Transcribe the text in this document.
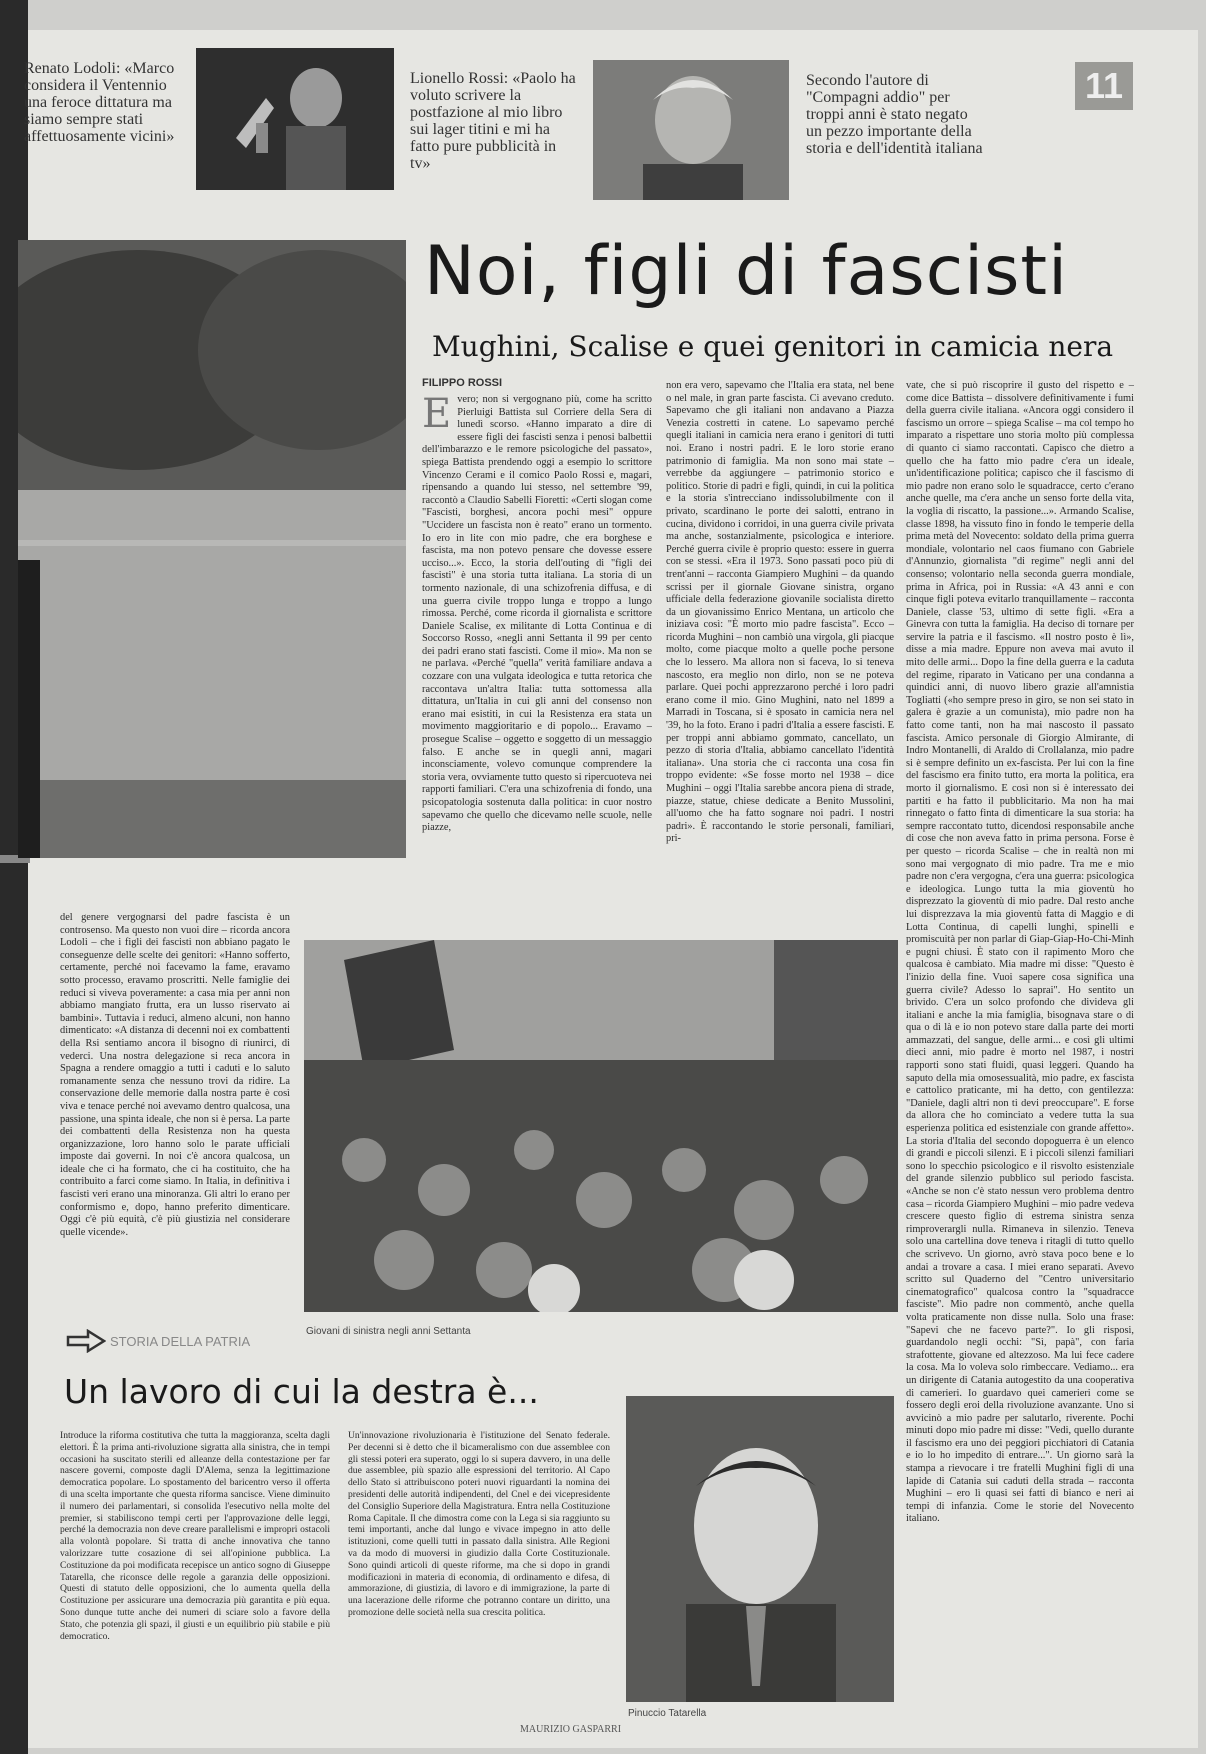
Renato Lodoli: «Marco considera il Ventennio una feroce dittatura ma siamo sempre stati affettuosamente vicini»
Lionello Rossi: «Paolo ha voluto scrivere la postfazione al mio libro sui lager titini e mi ha fatto pure pubblicità in tv»
Secondo l'autore di "Compagni addio" per troppi anni è stato negato un pezzo importante della storia e dell'identità italiana
11
Noi, figli di fascisti
Mughini, Scalise e quei genitori in camicia nera
FILIPPO ROSSI
Evero; non si vergognano più, come ha scritto Pierluigi Battista sul Corriere della Sera di lunedì scorso. «Hanno imparato a dire di essere figli dei fascisti senza i penosi balbettii dell'imbarazzo e le remore psicologiche del passato», spiega Battista prendendo oggi a esempio lo scrittore Vincenzo Cerami e il comico Paolo Rossi e, magari, ripensando a quando lui stesso, nel settembre '99, raccontò a Claudio Sabelli Fioretti: «Certi slogan come "Fascisti, borghesi, ancora pochi mesi" oppure "Uccidere un fascista non è reato" erano un tormento. Io ero in lite con mio padre, che era borghese e fascista, ma non potevo pensare che dovesse essere ucciso...». Ecco, la storia dell'outing di "figli dei fascisti" è una storia tutta italiana. La storia di un tormento nazionale, di una schizofrenia diffusa, e di una guerra civile troppo lunga e troppo a lungo rimossa. Perché, come ricorda il giornalista e scrittore Daniele Scalise, ex militante di Lotta Continua e di Soccorso Rosso, «negli anni Settanta il 99 per cento dei padri erano stati fascisti. Come il mio». Ma non se ne parlava. «Perché "quella" verità familiare andava a cozzare con una vulgata ideologica e tutta retorica che raccontava un'altra Italia: tutta sottomessa alla dittatura, un'Italia in cui gli anni del consenso non erano mai esistiti, in cui la Resistenza era stata un movimento maggioritario e di popolo... Eravamo – prosegue Scalise – oggetto e soggetto di un messaggio falso. E anche se in quegli anni, magari inconsciamente, volevo comunque comprendere la storia vera, ovviamente tutto questo si ripercuoteva nei rapporti familiari. C'era una schizofrenia di fondo, una psicopatologia sostenuta dalla politica: in cuor nostro sapevamo che quello che dicevamo nelle scuole, nelle piazze,
non era vero, sapevamo che l'Italia era stata, nel bene o nel male, in gran parte fascista. Ci avevano creduto. Sapevamo che gli italiani non andavano a Piazza Venezia costretti in catene. Lo sapevamo perché quegli italiani in camicia nera erano i genitori di tutti noi. Erano i nostri padri. E le loro storie erano patrimonio di famiglia. Ma non sono mai state – verrebbe da aggiungere – patrimonio storico e politico. Storie di padri e figli, quindi, in cui la politica e la storia s'intrecciano indissolubilmente con il privato, scardinano le porte dei salotti, entrano in cucina, dividono i corridoi, in una guerra civile privata ma anche, sostanzialmente, psicologica e interiore. Perché guerra civile è proprio questo: essere in guerra con se stessi. «Era il 1973. Sono passati poco più di trent'anni – racconta Giampiero Mughini – da quando scrissi per il giornale Giovane sinistra, organo ufficiale della federazione giovanile socialista diretto da un giovanissimo Enrico Mentana, un articolo che iniziava così: "È morto mio padre fascista". Ecco – ricorda Mughini – non cambiò una virgola, gli piacque molto, come piacque molto a quelle poche persone che lo lessero. Ma allora non si faceva, lo si teneva nascosto, era meglio non dirlo, non se ne poteva parlare. Quei pochi apprezzarono perché i loro padri erano come il mio. Gino Mughini, nato nel 1899 a Marradi in Toscana, si è sposato in camicia nera nel '39, ho la foto. Erano i padri d'Italia a essere fascisti. E per troppi anni abbiamo gommato, cancellato, un pezzo di storia d'Italia, abbiamo cancellato l'identità italiana». Una storia che ci racconta una cosa fin troppo evidente: «Se fosse morto nel 1938 – dice Mughini – oggi l'Italia sarebbe ancora piena di strade, piazze, statue, chiese dedicate a Benito Mussolini, all'uomo che ha fatto sognare noi padri. I nostri padri». È raccontando le storie personali, familiari, pri-
vate, che si può riscoprire il gusto del rispetto e – come dice Battista – dissolvere definitivamente i fumi della guerra civile italiana. «Ancora oggi considero il fascismo un orrore – spiega Scalise – ma col tempo ho imparato a rispettare uno storia molto più complessa di quanto ci siamo raccontati. Capisco che dietro a quello che ha fatto mio padre c'era un ideale, un'identificazione politica; capisco che il fascismo di mio padre non erano solo le squadracce, certo c'erano anche quelle, ma c'era anche un senso forte della vita, la voglia di riscatto, la passione...». Armando Scalise, classe 1898, ha vissuto fino in fondo le temperie della prima metà del Novecento: soldato della prima guerra mondiale, volontario nel caos fiumano con Gabriele d'Annunzio, giornalista "di regime" negli anni del consenso; volontario nella seconda guerra mondiale, prima in Africa, poi in Russia: «A 43 anni e con cinque figli poteva evitarlo tranquillamente – racconta Daniele, classe '53, ultimo di sette figli. «Era a Ginevra con tutta la famiglia. Ha deciso di tornare per servire la patria e il fascismo. «Il nostro posto è lì», disse a mia madre. Eppure non aveva mai avuto il mito delle armi... Dopo la fine della guerra e la caduta del regime, riparato in Vaticano per una condanna a quindici anni, di nuovo libero grazie all'amnistia Togliatti («ho sempre preso in giro, se non sei stato in galera è grazie a un comunista), mio padre non ha fatto come tanti, non ha mai nascosto il passato fascista. Amico personale di Giorgio Almirante, di Indro Montanelli, di Araldo di Crollalanza, mio padre si è sempre definito un ex-fascista. Per lui con la fine del fascismo era finito tutto, era morta la politica, era morto il giornalismo. E così non si è interessato dei partiti e ha fatto il pubblicitario. Ma non ha mai rinnegato o fatto finta di dimenticare la sua storia: ha sempre raccontato tutto, dicendosi responsabile anche di cose che non aveva fatto in prima persona. Forse è per questo – ricorda Scalise – che in realtà non mi sono mai vergognato di mio padre. Tra me e mio padre non c'era vergogna, c'era una guerra: psicologica e ideologica. Lungo tutta la mia gioventù ho disprezzato la gioventù di mio padre. Dal resto anche lui disprezzava la mia gioventù fatta di Maggio e di Lotta Continua, di capelli lunghi, spinelli e promiscuità per non parlar di Giap-Giap-Ho-Chi-Minh e pugni chiusi. È stato con il rapimento Moro che qualcosa è cambiato. Mia madre mi disse: "Questo è l'inizio della fine. Vuoi sapere cosa significa una guerra civile? Adesso lo saprai". Ho sentito un brivido. C'era un solco profondo che divideva gli italiani e anche la mia famiglia, bisognava stare o di qua o di là e io non potevo stare dalla parte dei morti ammazzati, del sangue, delle armi... e così gli ultimi dieci anni, mio padre è morto nel 1987, i nostri rapporti sono stati fluidi, quasi leggeri. Quando ha saputo della mia omosessualità, mio padre, ex fascista e cattolico praticante, mi ha detto, con gentilezza: "Daniele, dagli altri non ti devi preoccupare". E forse da allora che ho cominciato a vedere tutta la sua esperienza politica ed esistenziale con grande affetto». La storia d'Italia del secondo dopoguerra è un elenco di grandi e piccoli silenzi. E i piccoli silenzi familiari sono lo specchio psicologico e il risvolto esistenziale del grande silenzio pubblico sul periodo fascista. «Anche se non c'è stato nessun vero problema dentro casa – ricorda Giampiero Mughini – mio padre vedeva crescere questo figlio di estrema sinistra senza rimproverargli nulla. Rimaneva in silenzio. Teneva solo una cartellina dove teneva i ritagli di tutto quello che scrivevo. Un giorno, avrò stava poco bene e lo andai a trovare a casa. I miei erano separati. Avevo scritto sul Quaderno del "Centro universitario cinematografico" qualcosa contro la "squadracce fasciste". Mio padre non commentò, anche quella volta praticamente non disse nulla. Solo una frase: "Sapevi che ne facevo parte?". Io gli risposi, guardandolo negli occhi: "Sì, papà", con faria strafottente, giovane ed altezzoso. Ma lui fece cadere la cosa. Ma lo voleva solo rimbeccare. Vediamo... era un dirigente di Catania autogestito da una cooperativa di camerieri. Io guardavo quei camerieri come se fossero degli eroi della rivoluzione avanzante. Uno si avvicinò a mio padre per salutarlo, riverente. Pochi minuti dopo mio padre mi disse: "Vedi, quello durante il fascismo era uno dei peggiori picchiatori di Catania e io lo ho impedito di entrare...". Un giorno sarà la stampa a rievocare i tre fratelli Mughini figli di una lapide di Catania sui caduti della strada – racconta Mughini – ero lì quasi sei fatti di bianco e neri ai tempi di infanzia. Come le storie del Novecento italiano.
del genere vergognarsi del padre fascista è un controsenso. Ma questo non vuoi dire – ricorda ancora Lodoli – che i figli dei fascisti non abbiano pagato le conseguenze delle scelte dei genitori: «Hanno sofferto, certamente, perché noi facevamo la fame, eravamo sotto processo, eravamo proscritti. Nelle famiglie dei reduci si viveva poveramente: a casa mia per anni non abbiamo mangiato frutta, era un lusso riservato ai bambini». Tuttavia i reduci, almeno alcuni, non hanno dimenticato: «A distanza di decenni noi ex combattenti della Rsi sentiamo ancora il bisogno di riunirci, di vederci. Una nostra delegazione si reca ancora in Spagna a rendere omaggio a tutti i caduti e lo saluto romanamente senza che nessuno trovi da ridire. La conservazione delle memorie dalla nostra parte è così viva e tenace perché noi avevamo dentro qualcosa, una passione, una spinta ideale, che non si è persa. La parte dei combattenti della Resistenza non ha questa organizzazione, loro hanno solo le parate ufficiali imposte dai governi. In noi c'è ancora qualcosa, un ideale che ci ha formato, che ci ha costituito, che ha contribuito a farci come siamo. In Italia, in definitiva i fascisti veri erano una minoranza. Gli altri lo erano per conformismo e, dopo, hanno preferito dimenticare. Oggi c'è più equità, c'è più giustizia nel considerare quelle vicende».
Giovani di sinistra negli anni Settanta
STORIA DELLA PATRIA
Un lavoro di cui la destra è...
Introduce la riforma costitutiva che tutta la maggioranza, scelta dagli elettori. È la prima anti-rivoluzione sigratta alla sinistra, che in tempi occasioni ha suscitato sterili ed alleanze della contestazione per far nascere governi, composte dagli D'Alema, senza la legittimazione democratica popolare. Lo spostamento del baricentro verso il offerta di una scelta importante che questa riforma sancisce. Viene diminuito il numero dei parlamentari, si consolida l'esecutivo nella molte del premier, si stabiliscono tempi certi per l'approvazione delle leggi, perché la democrazia non deve creare parallelismi e impropri ostacoli alla volontà popolare. Si tratta di anche innovativa che tanno valorizzare tutte cosazione di sei all'opinione pubblica. La Costituzione da poi modificata recepisce un antico sogno di Giuseppe Tatarella, che riconsce delle regole a garanzia delle opposizioni. Questi di statuto delle opposizioni, che lo aumenta quella della Costituzione per assicurare una democrazia più garantita e più equa. Sono dunque tutte anche dei numeri di sciare solo a favore della Stato, che potenzia gli spazi, il giusti e un equilibrio più stabile e più democratico.
Un'innovazione rivoluzionaria è l'istituzione del Senato federale. Per decenni si è detto che il bicameralismo con due assemblee con gli stessi poteri era superato, oggi lo si supera davvero, in una delle due assemblee, più spazio alle espressioni del territorio. Al Capo dello Stato si attribuiscono poteri nuovi riguardanti la nomina dei presidenti delle autorità indipendenti, del Cnel e dei vicepresidente del Consiglio Superiore della Magistratura. Entra nella Costituzione Roma Capitale. Il che dimostra come con la Lega si sia raggiunto su temi importanti, anche dal lungo e vivace impegno in atto delle istituzioni, come quelli tutti in passato dalla sinistra. Alle Regioni va da modo di muoversi in giudizio dalla Corte Costituzionale. Sono quindi articoli di queste riforme, ma che si dopo in grandi modificazioni in materia di economia, di ordinamento e difesa, di ammorazione, di giustizia, di lavoro e di immigrazione, la parte di una lacerazione delle riforme che potranno contare un diritto, una promozione delle società nella sua crescita politica.
MAURIZIO GASPARRI
Pinuccio Tatarella
